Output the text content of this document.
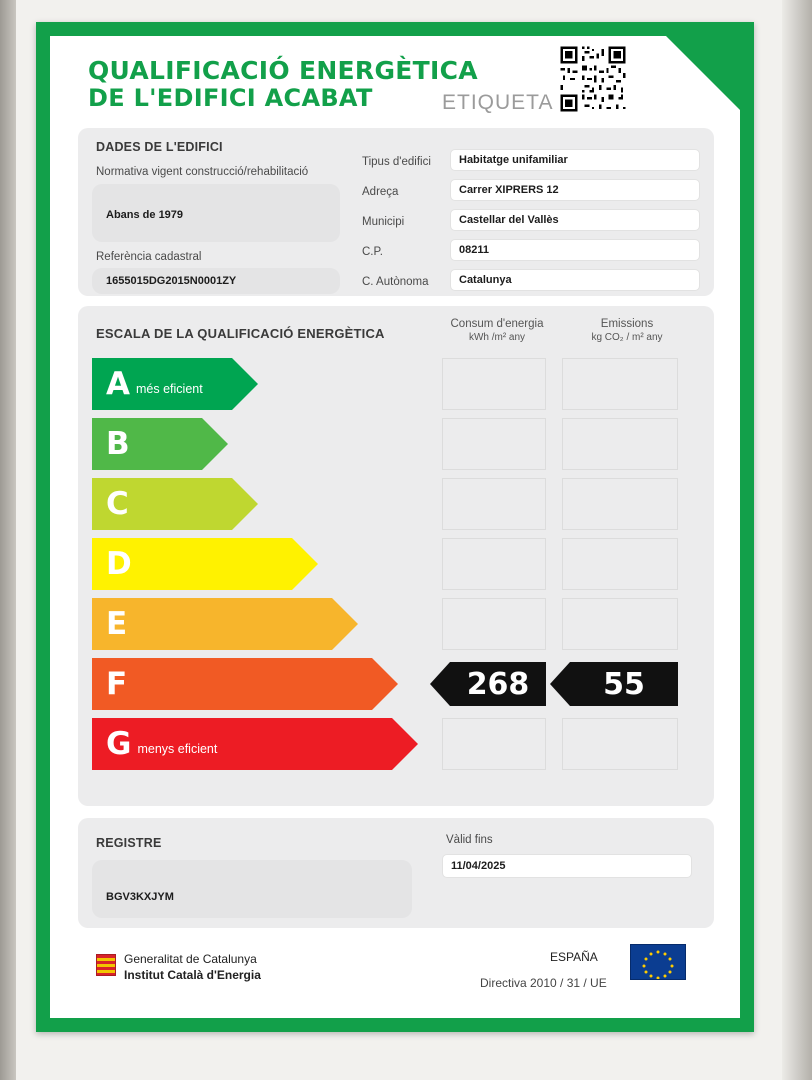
QUALIFICACIÓ ENERGÈTICA
DE L'EDIFICI ACABAT	ETIQUETA
DADES DE L'EDIFICI
Normativa vigent construcció/rehabilitació
Abans de 1979
Referència cadastral
1655015DG2015N0001ZY
Tipus d'edifici	Habitatge unifamiliar
Adreça	Carrer XIPRERS 12
Municipi	Castellar del Vallès
C.P.	08211
C. Autònoma	Catalunya
ESCALA DE LA QUALIFICACIÓ ENERGÈTICA
Consum d'energia
kWh /m² any
Emissions
kg CO₂ / m² any
A més eficient
B
C
D
E
F	268 55
G menys eficient
REGISTRE
BGV3KXJYM
Vàlid fins
11/04/2025
Generalitat de Catalunya
Institut Català d'Energia
ESPAÑA
Directiva 2010 / 31 / UE
